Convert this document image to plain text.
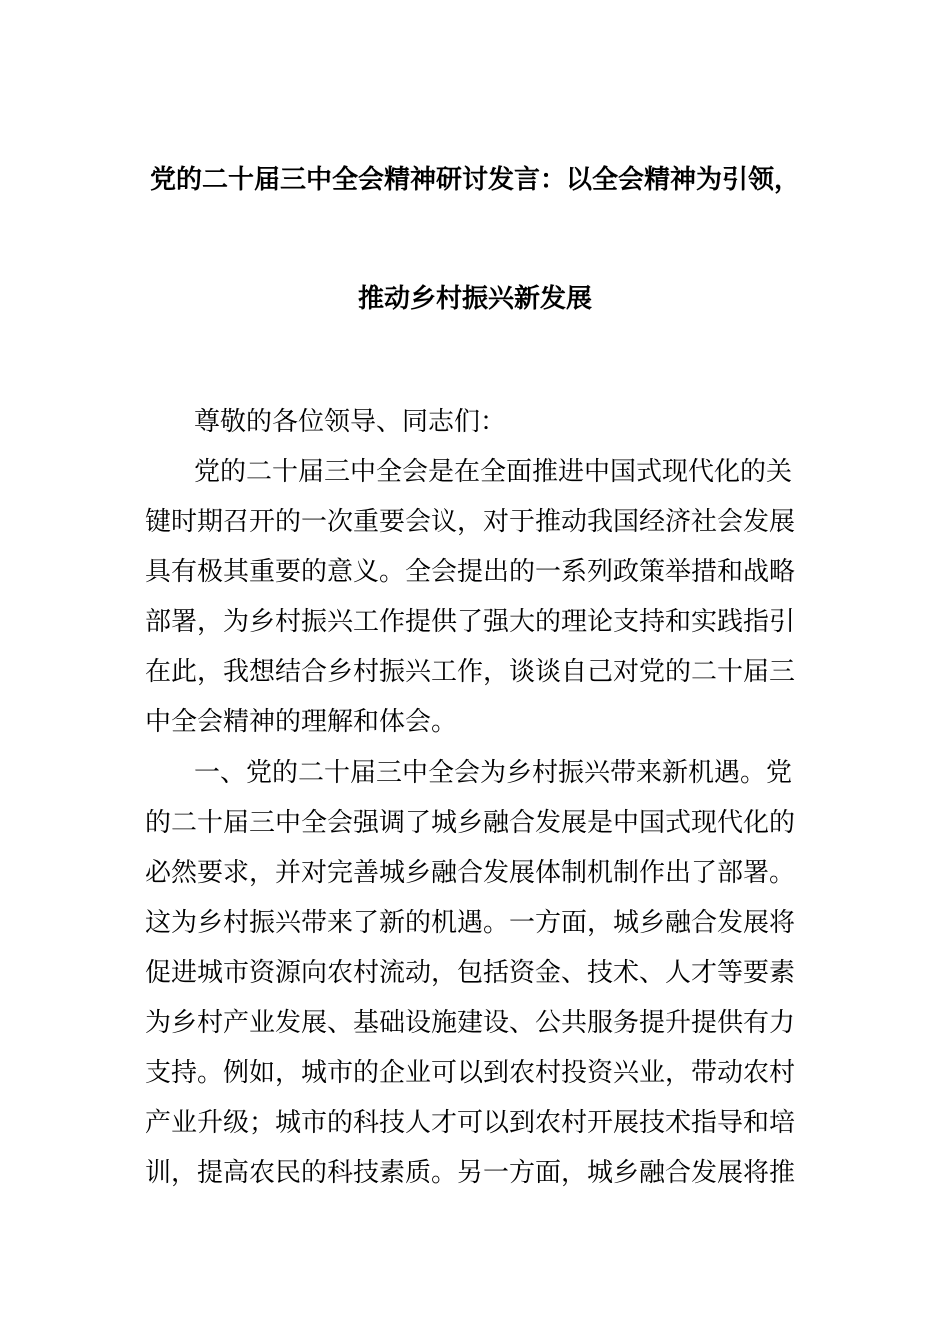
党的二十届三中全会精神研讨发言：以全会精神为引领，
推动乡村振兴新发展
尊敬的各位领导、同志们：
党的二十届三中全会是在全面推进中国式现代化的关
键时期召开的一次重要会议，对于推动我国经济社会发展
具有极其重要的意义。全会提出的一系列政策举措和战略
部署，为乡村振兴工作提供了强大的理论支持和实践指引
在此，我想结合乡村振兴工作，谈谈自己对党的二十届三
中全会精神的理解和体会。
一、党的二十届三中全会为乡村振兴带来新机遇。党
的二十届三中全会强调了城乡融合发展是中国式现代化的
必然要求，并对完善城乡融合发展体制机制作出了部署。
这为乡村振兴带来了新的机遇。一方面，城乡融合发展将
促进城市资源向农村流动，包括资金、技术、人才等要素
为乡村产业发展、基础设施建设、公共服务提升提供有力
支持。例如，城市的企业可以到农村投资兴业，带动农村
产业升级；城市的科技人才可以到农村开展技术指导和培
训，提高农民的科技素质。另一方面，城乡融合发展将推
